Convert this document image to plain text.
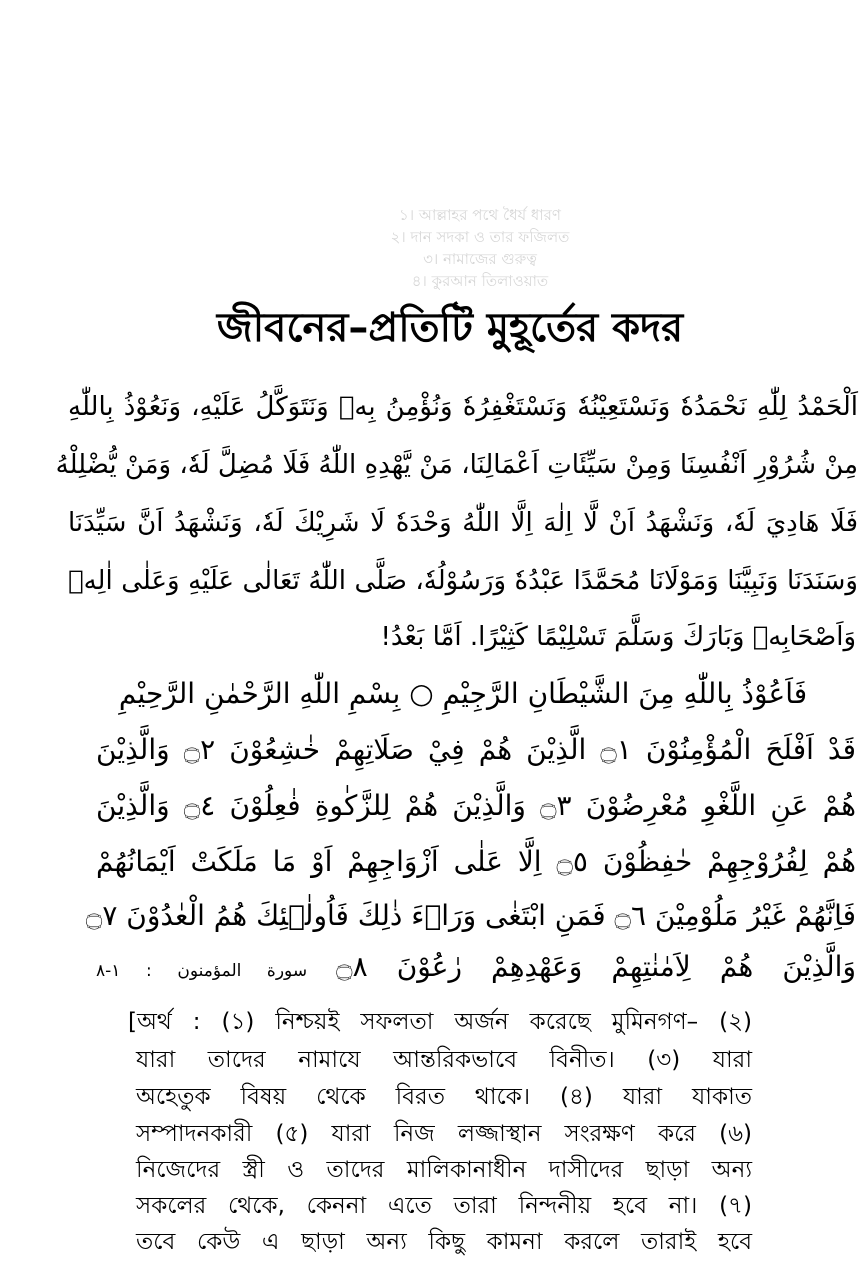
১। আল্লাহর পথে ধৈর্য ধারণ
২। দান সদকা ও তার ফজিলত
৩। নামাজের গুরুত্ব
৪। কুরআন তিলাওয়াত
জীবনের–প্রতিটি মুহূর্তের কদর
اَلْحَمْدُ لِلّٰهِ نَحْمَدُهٗ وَنَسْتَعِيْنُهٗ وَنَسْتَغْفِرُهٗ وَنُؤْمِنُ بِهٖ وَنَتَوَكَّلُ عَلَيْهِ، وَنَعُوْذُ بِاللّٰهِ
مِنْ شُرُوْرِ اَنْفُسِنَا وَمِنْ سَيِّئَاتِ اَعْمَالِنَا، مَنْ يَّهْدِهِ اللّٰهُ فَلَا مُضِلَّ لَهٗ، وَمَنْ يُّضْلِلْهُ
فَلَا هَادِيَ لَهٗ، وَنَشْهَدُ اَنْ لَّا اِلٰهَ اِلَّا اللّٰهُ وَحْدَهٗ لَا شَرِيْكَ لَهٗ، وَنَشْهَدُ اَنَّ سَيِّدَنَا
وَسَنَدَنَا وَنَبِيَّنَا وَمَوْلَانَا مُحَمَّدًا عَبْدُهٗ وَرَسُوْلُهٗ، صَلَّى اللّٰهُ تَعَالٰى عَلَيْهِ وَعَلٰى اٰلِهٖ
وَاَصْحَابِهٖ وَبَارَكَ وَسَلَّمَ تَسْلِيْمًا كَثِيْرًا. اَمَّا بَعْدُ!
فَاَعُوْذُ بِاللّٰهِ مِنَ الشَّيْطَانِ الرَّجِيْمِ ○ بِسْمِ اللّٰهِ الرَّحْمٰنِ الرَّحِيْمِ
قَدْ اَفْلَحَ الْمُؤْمِنُوْنَ ۝١ الَّذِيْنَ هُمْ فِيْ صَلَاتِهِمْ خٰشِعُوْنَ ۝٢ وَالَّذِيْنَ
هُمْ عَنِ اللَّغْوِ مُعْرِضُوْنَ ۝٣ وَالَّذِيْنَ هُمْ لِلزَّكٰوةِ فٰعِلُوْنَ ۝٤ وَالَّذِيْنَ
هُمْ لِفُرُوْجِهِمْ حٰفِظُوْنَ ۝٥ اِلَّا عَلٰى اَزْوَاجِهِمْ اَوْ مَا مَلَكَتْ اَيْمَانُهُمْ
فَاِنَّهُمْ غَيْرُ مَلُوْمِيْنَ ۝٦ فَمَنِ ابْتَغٰى وَرَاۤءَ ذٰلِكَ فَاُولٰۤئِكَ هُمُ الْعٰدُوْنَ ۝٧
وَالَّذِيْنَ هُمْ لِاَمٰنٰتِهِمْ وَعَهْدِهِمْ رٰعُوْنَ ۝٨ سورة المؤمنون : ١-٨
[অর্থ : (১) নিশ্চয়ই সফলতা অর্জন করেছে মুমিনগণ– (২)
যারা তাদের নামাযে আন্তরিকভাবে বিনীত। (৩) যারা
অহেতুক বিষয় থেকে বিরত থাকে। (৪) যারা যাকাত
সম্পাদনকারী (৫) যারা নিজ লজ্জাস্থান সংরক্ষণ করে (৬)
নিজেদের স্ত্রী ও তাদের মালিকানাধীন দাসীদের ছাড়া অন্য
সকলের থেকে, কেননা এতে তারা নিন্দনীয় হবে না। (৭)
তবে কেউ এ ছাড়া অন্য কিছু কামনা করলে তারাই হবে
